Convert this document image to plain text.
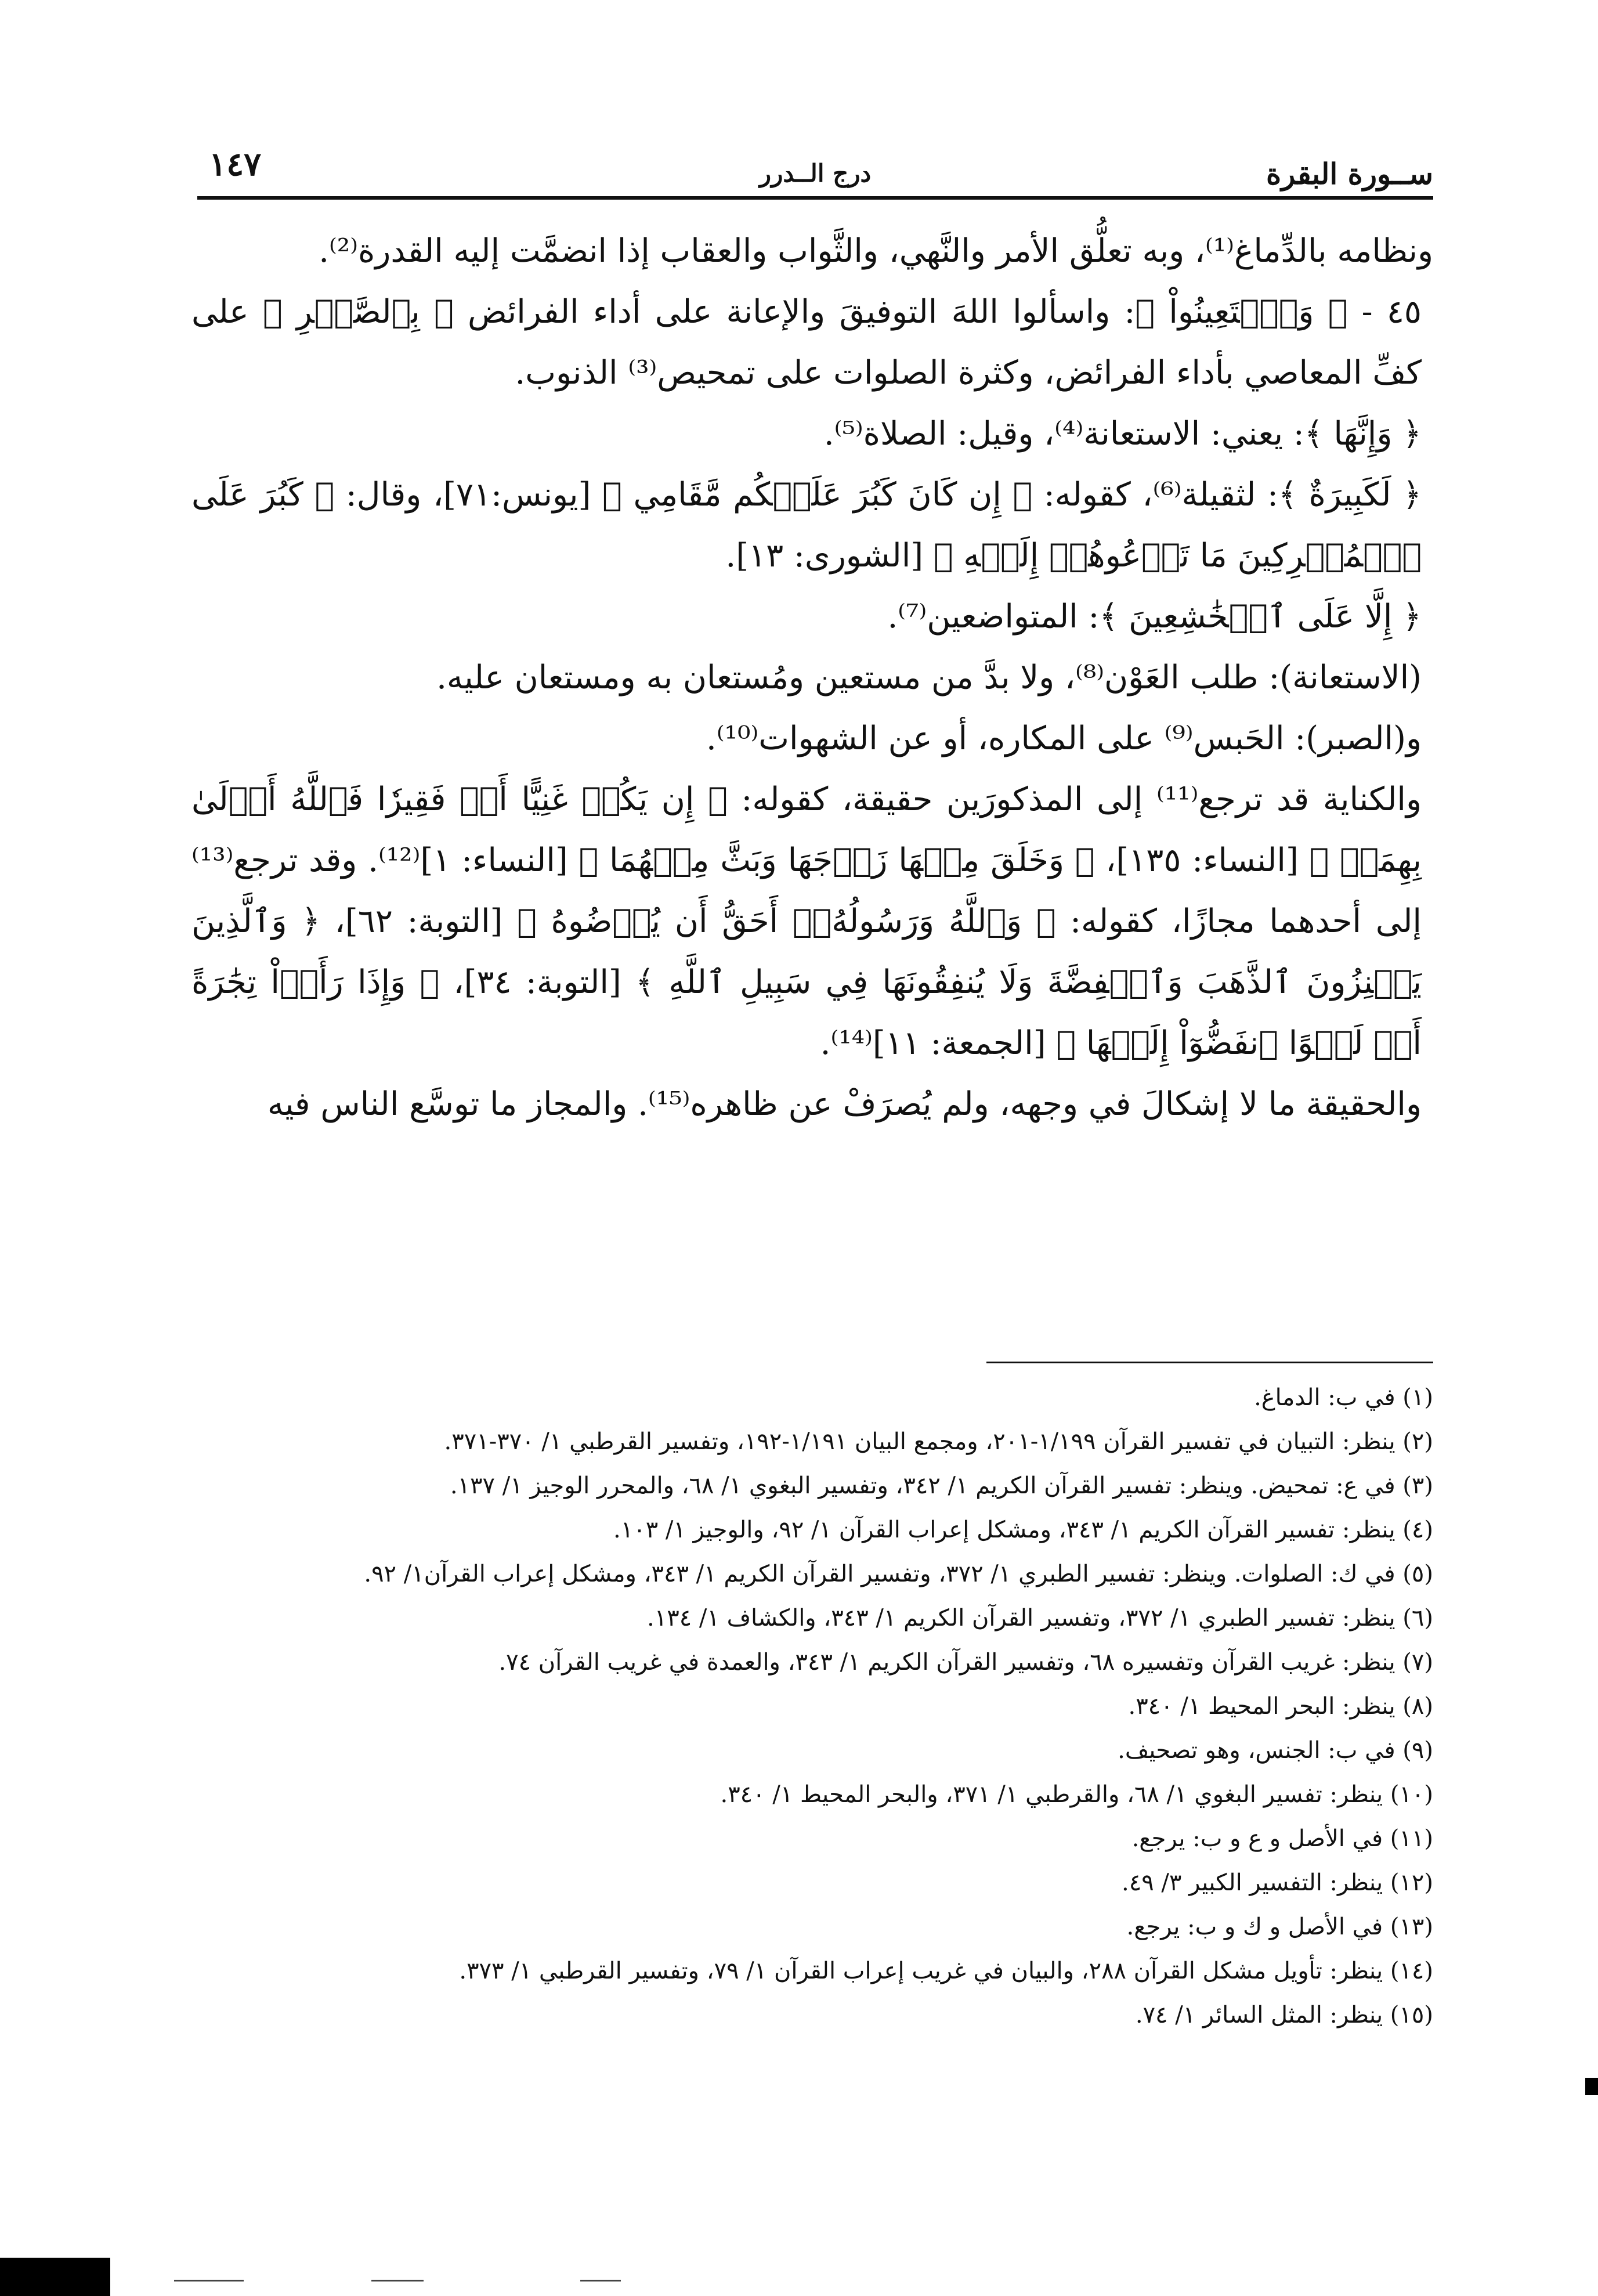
ســورة البقرة
درج الــدرر
١٤٧

ونظامه بالدِّماغ⁽¹⁾، وبه تعلُّق الأمر والنَّهي، والثَّواب والعقاب إذا انضمَّت إليه القدرة⁽²⁾.

٤٥ - ﴿ وَٱسۡتَعِينُواْ ﴾: واسألوا اللهَ التوفيقَ والإعانة على أداء الفرائض ﴿ بِٱلصَّبۡرِ ﴾ على كفِّ المعاصي بأداء الفرائض، وكثرة الصلوات على تمحيص⁽³⁾ الذنوب.

﴿ وَإِنَّهَا ﴾: يعني: الاستعانة⁽⁴⁾، وقيل: الصلاة⁽⁵⁾.

﴿ لَكَبِيرَةٌ ﴾: لثقيلة⁽⁶⁾، كقوله: ﴿ إِن كَانَ كَبُرَ عَلَيۡكُم مَّقَامِي ﴾ [يونس:٧١]، وقال: ﴿ كَبُرَ عَلَى ٱلۡمُشۡرِكِينَ مَا تَدۡعُوهُمۡ إِلَيۡهِ ﴾ [الشورى: ١٣].

﴿ إِلَّا عَلَى ٱلۡخَٰشِعِينَ ﴾: المتواضعين⁽⁷⁾.

(الاستعانة): طلب العَوْن⁽⁸⁾، ولا بدَّ من مستعين ومُستعان به ومستعان عليه.

و(الصبر): الحَبس⁽⁹⁾ على المكاره، أو عن الشهوات⁽¹⁰⁾.

والكناية قد ترجع⁽¹¹⁾ إلى المذكورَين حقيقة، كقوله: ﴿ إِن يَكُنۡ غَنِيًّا أَوۡ فَقِيرٗا فَٱللَّهُ أَوۡلَىٰ بِهِمَاۖ ﴾ [النساء: ١٣٥]، ﴿ وَخَلَقَ مِنۡهَا زَوۡجَهَا وَبَثَّ مِنۡهُمَا ﴾ [النساء: ١]⁽¹²⁾. وقد ترجع⁽¹³⁾ إلى أحدهما مجازًا، كقوله: ﴿ وَٱللَّهُ وَرَسُولُهُۥٓ أَحَقُّ أَن يُرۡضُوهُ ﴾ [التوبة: ٦٢]، ﴿ وَٱلَّذِينَ يَكۡنِزُونَ ٱلذَّهَبَ وَٱلۡفِضَّةَ وَلَا يُنفِقُونَهَا فِي سَبِيلِ ٱللَّهِ ﴾ [التوبة: ٣٤]، ﴿ وَإِذَا رَأَوۡاْ تِجَٰرَةً أَوۡ لَهۡوًا ٱنفَضُّوٓاْ إِلَيۡهَا ﴾ [الجمعة: ١١]⁽¹⁴⁾.

والحقيقة ما لا إشكالَ في وجهه، ولم يُصرَفْ عن ظاهره⁽¹⁵⁾. والمجاز ما توسَّع الناس فيه

(١) في ب: الدماغ.
(٢) ينظر: التبيان في تفسير القرآن ١/١٩٩-٢٠١، ومجمع البيان ١/١٩١-١٩٢، وتفسير القرطبي ١/ ٣٧٠-٣٧١.
(٣) في ع: تمحيض. وينظر: تفسير القرآن الكريم ١/ ٣٤٢، وتفسير البغوي ١/ ٦٨، والمحرر الوجيز ١/ ١٣٧.
(٤) ينظر: تفسير القرآن الكريم ١/ ٣٤٣، ومشكل إعراب القرآن ١/ ٩٢، والوجيز ١/ ١٠٣.
(٥) في ك: الصلوات. وينظر: تفسير الطبري ١/ ٣٧٢، وتفسير القرآن الكريم ١/ ٣٤٣، ومشكل إعراب القرآن١/ ٩٢.
(٦) ينظر: تفسير الطبري ١/ ٣٧٢، وتفسير القرآن الكريم ١/ ٣٤٣، والكشاف ١/ ١٣٤.
(٧) ينظر: غريب القرآن وتفسيره ٦٨، وتفسير القرآن الكريم ١/ ٣٤٣، والعمدة في غريب القرآن ٧٤.
(٨) ينظر: البحر المحيط ١/ ٣٤٠.
(٩) في ب: الجنس، وهو تصحيف.
(١٠) ينظر: تفسير البغوي ١/ ٦٨، والقرطبي ١/ ٣٧١، والبحر المحيط ١/ ٣٤٠.
(١١) في الأصل و ع و ب: يرجع.
(١٢) ينظر: التفسير الكبير ٣/ ٤٩.
(١٣) في الأصل و ك و ب: يرجع.
(١٤) ينظر: تأويل مشكل القرآن ٢٨٨، والبيان في غريب إعراب القرآن ١/ ٧٩، وتفسير القرطبي ١/ ٣٧٣.
(١٥) ينظر: المثل السائر ١/ ٧٤.
